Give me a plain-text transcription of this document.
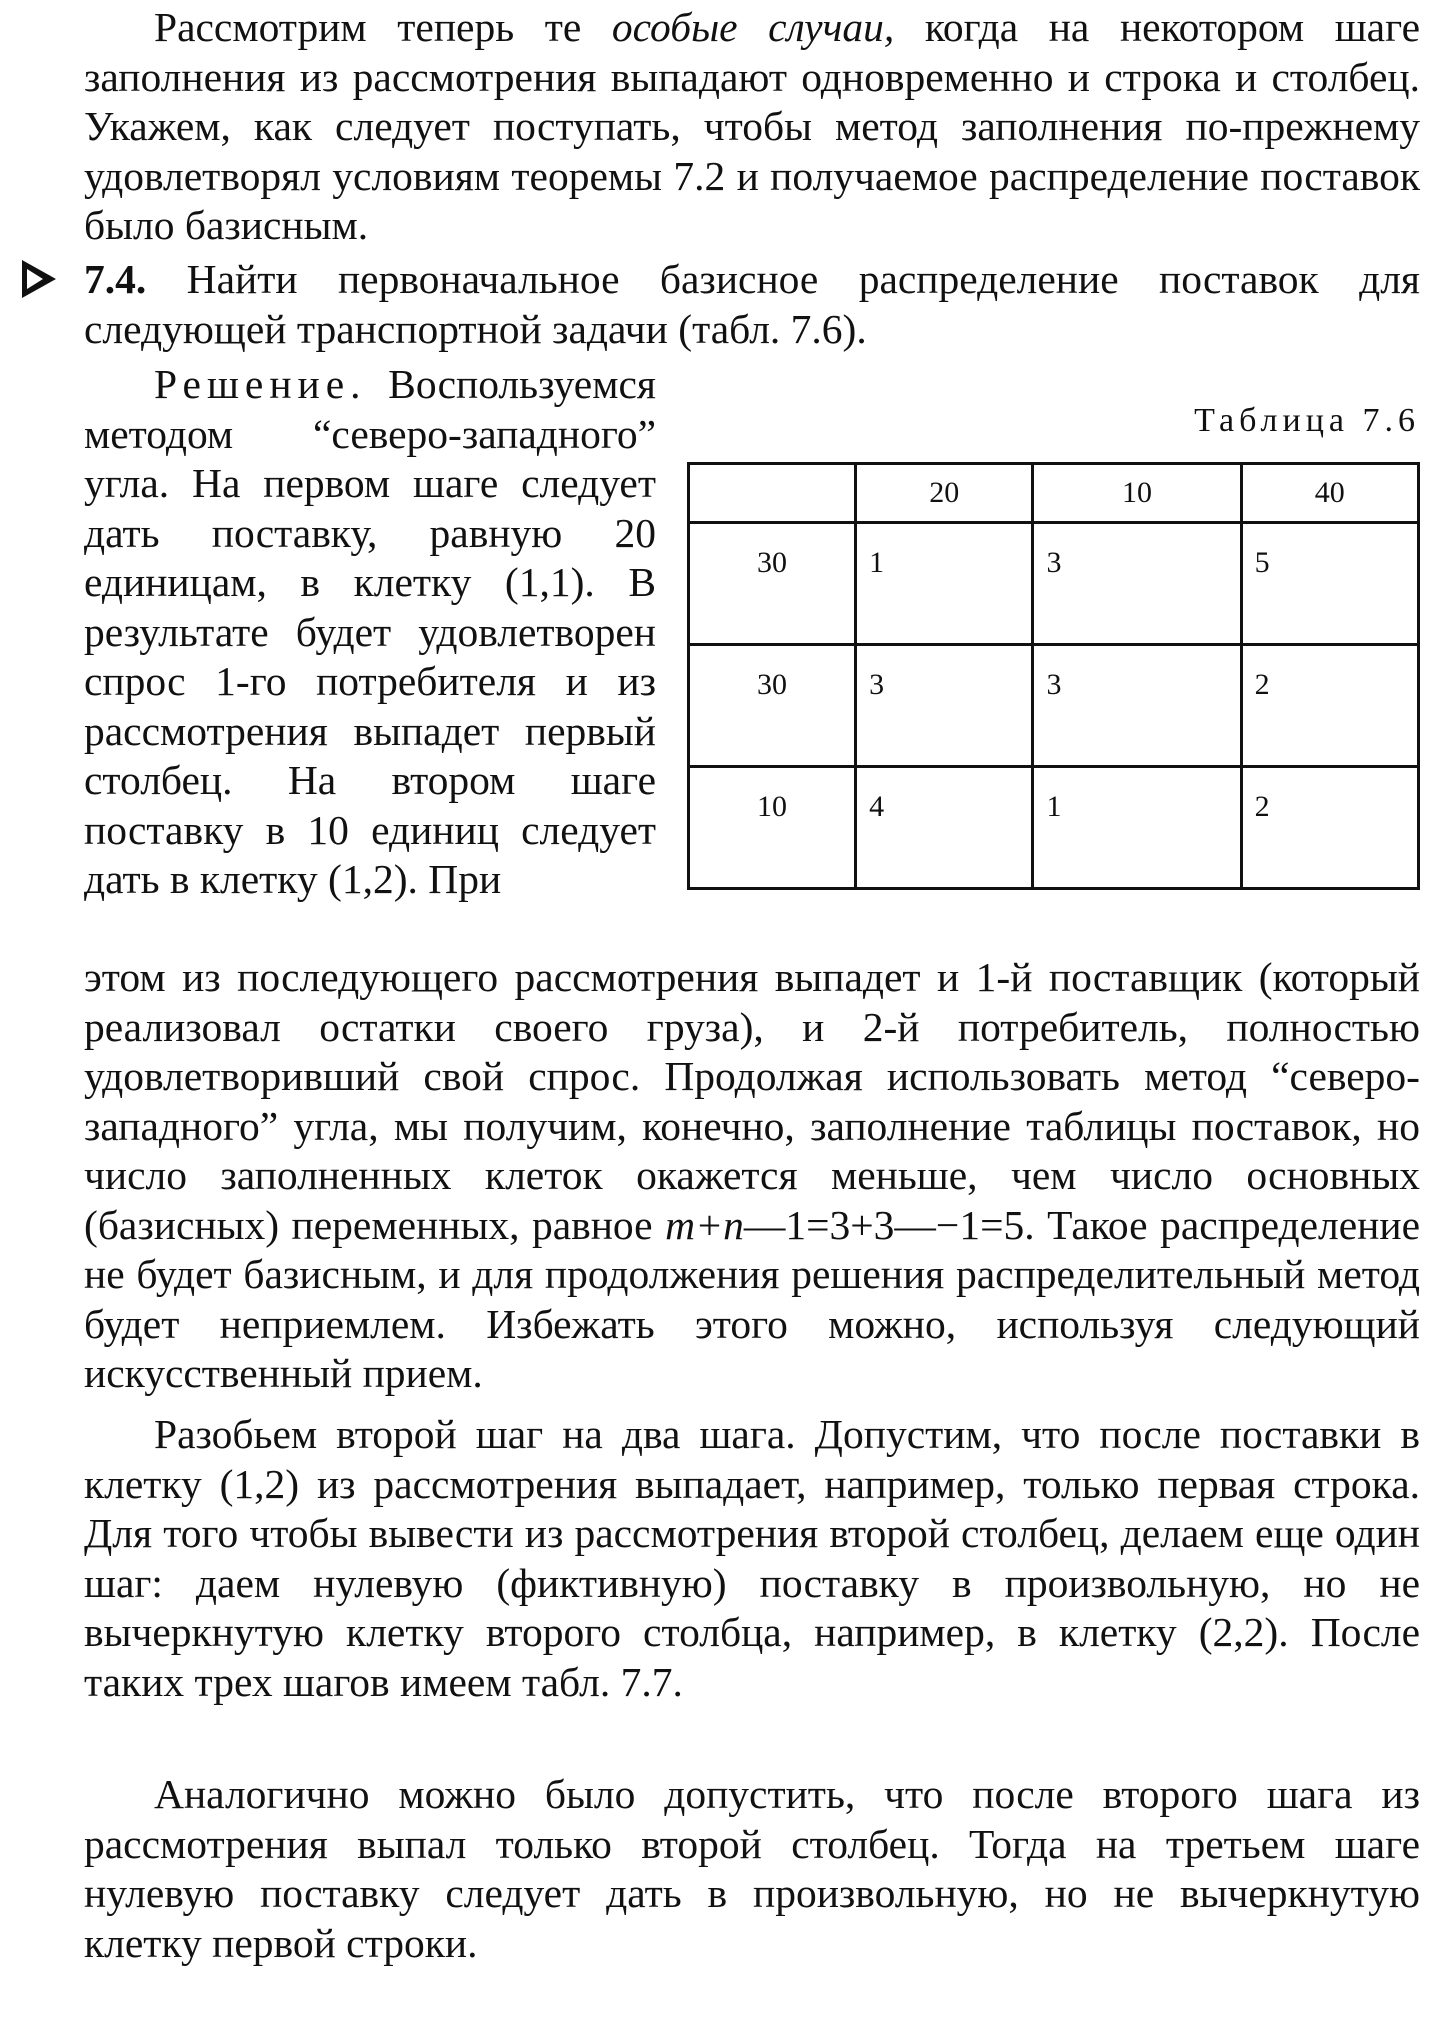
Рассмотрим теперь те особые случаи, когда на некотором шаге заполнения из рассмотрения выпадают одновременно и строка и столбец. Укажем, как следует поступать, чтобы метод заполнения по-прежнему удовлетворял условиям теоремы 7.2 и получаемое распределение поставок было базисным.

7.4. Найти первоначальное базисное распределение поставок для следующей транспортной задачи (табл. 7.6).

Решение. Воспользуемся методом “северо-западного” угла. На первом шаге следует дать поставку, равную 20 единицам, в клетку (1,1). В результате будет удовлетворен спрос 1-го потребителя и из рассмотрения выпадет первый столбец. На втором шаге поставку в 10 единиц следует дать в клетку (1,2). При

Таблица 7.6
	20	10	40
30	1	3	5
30	3	3	2
10	4	1	2

этом из последующего рассмотрения выпадет и 1-й поставщик (который реализовал остатки своего груза), и 2-й потребитель, полностью удовлетворивший свой спрос. Продолжая использовать метод “северо-западного” угла, мы получим, конечно, заполнение таблицы поставок, но число заполненных клеток окажется меньше, чем число основных (базисных) переменных, равное m+n—1=3+3—−1=5. Такое распределение не будет базисным, и для продолжения решения распределительный метод будет неприемлем. Избежать этого можно, используя следующий искусственный прием.

Разобьем второй шаг на два шага. Допустим, что после поставки в клетку (1,2) из рассмотрения выпадает, например, только первая строка. Для того чтобы вывести из рассмотрения второй столбец, делаем еще один шаг: даем нулевую (фиктивную) поставку в произвольную, но не вычеркнутую клетку второго столбца, например, в клетку (2,2). После таких трех шагов имеем табл. 7.7.

Аналогично можно было допустить, что после второго шага из рассмотрения выпал только второй столбец. Тогда на третьем шаге нулевую поставку следует дать в произвольную, но не вычеркнутую клетку первой строки.
